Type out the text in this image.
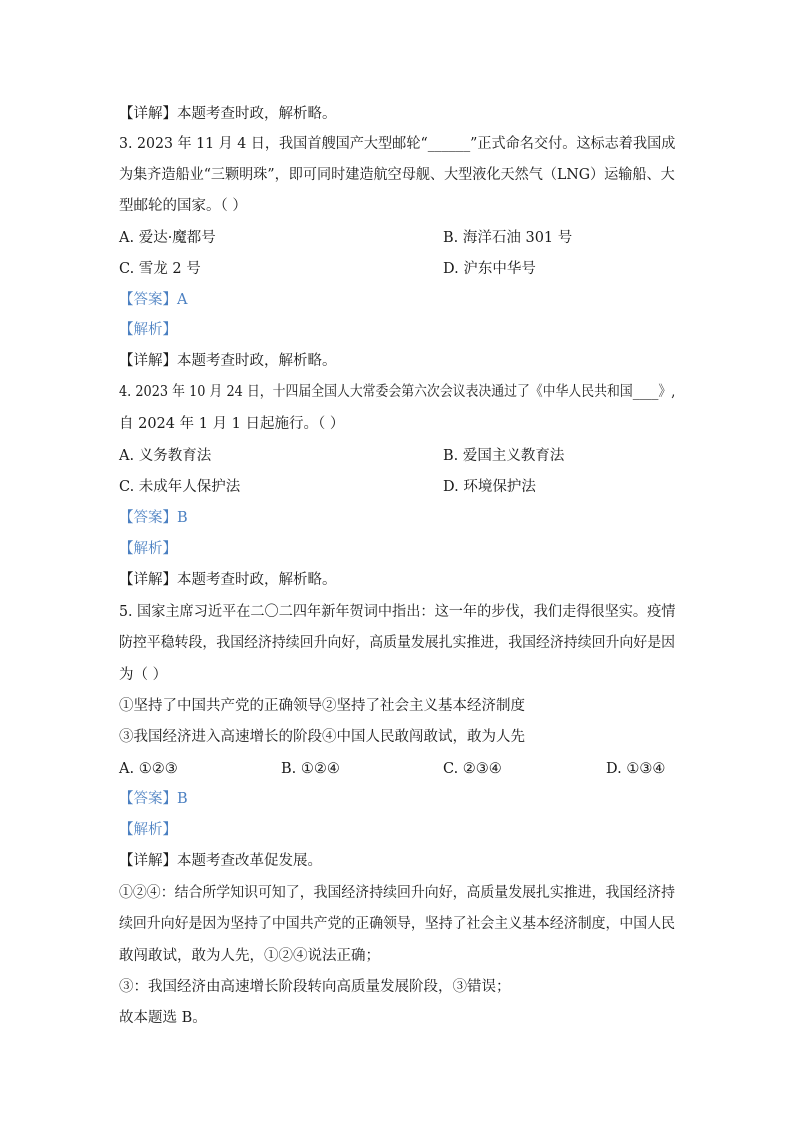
【详解】本题考查时政，解析略。
3. 2023 年 11 月 4 日，我国首艘国产大型邮轮“______”正式命名交付。这标志着我国成
为集齐造船业“三颗明珠”，即可同时建造航空母舰、大型液化天然气（LNG）运输船、大
型邮轮的国家。（ ）
A. 爱达·魔都号	B. 海洋石油 301 号
C. 雪龙 2 号	D. 沪东中华号
【答案】A
【解析】
【详解】本题考查时政，解析略。
4. 2023 年 10 月 24 日，十四届全国人大常委会第六次会议表决通过了《中华人民共和国____》,
自 2024 年 1 月 1 日起施行。（ ）
A. 义务教育法	B. 爱国主义教育法
C. 未成年人保护法	D. 环境保护法
【答案】B
【解析】
【详解】本题考查时政，解析略。
5. 国家主席习近平在二〇二四年新年贺词中指出：这一年的步伐，我们走得很坚实。疫情
防控平稳转段，我国经济持续回升向好，高质量发展扎实推进，我国经济持续回升向好是因
为（ ）
①坚持了中国共产党的正确领导②坚持了社会主义基本经济制度
③我国经济进入高速增长的阶段④中国人民敢闯敢试，敢为人先
A. ①②③	B. ①②④	C. ②③④	D. ①③④
【答案】B
【解析】
【详解】本题考查改革促发展。
①②④：结合所学知识可知了，我国经济持续回升向好，高质量发展扎实推进，我国经济持
续回升向好是因为坚持了中国共产党的正确领导，坚持了社会主义基本经济制度，中国人民
敢闯敢试，敢为人先，①②④说法正确；
③：我国经济由高速增长阶段转向高质量发展阶段，③错误；
故本题选 B。
